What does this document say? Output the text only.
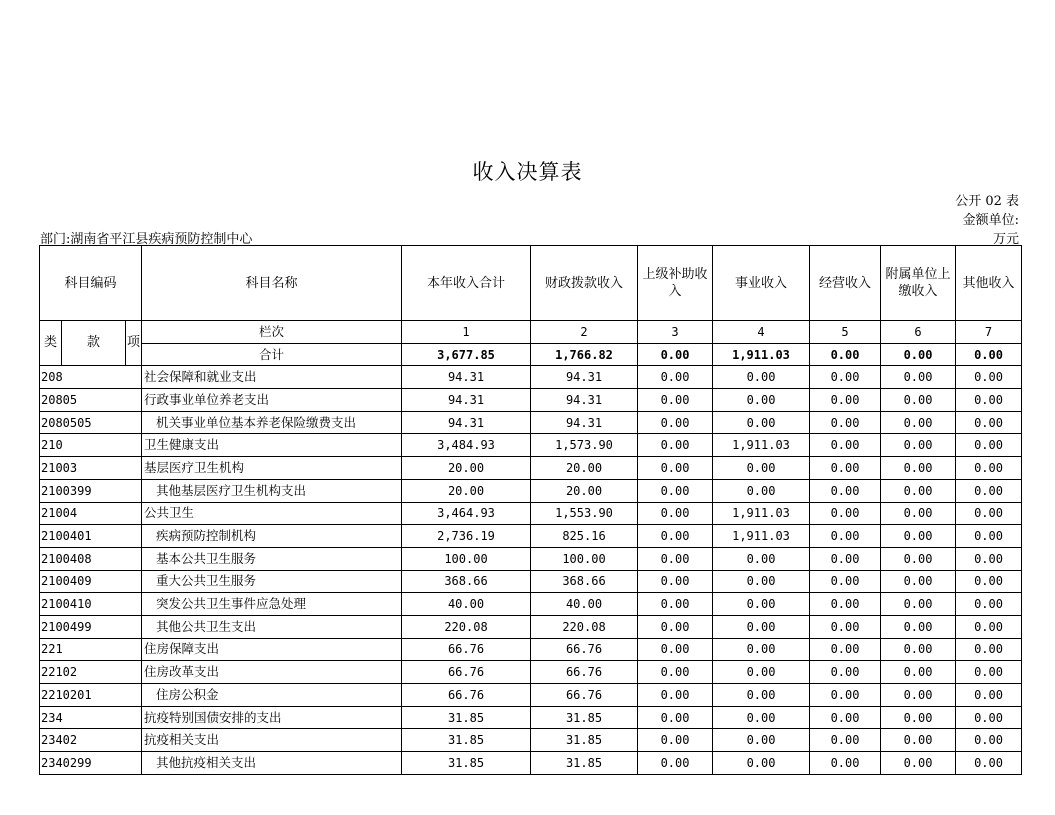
收入决算表
公开 02 表
金额单位:
万元
部门:湖南省平江县疾病预防控制中心
科目编码			科目名称	本年收入合计	财政拨款收入	上级补助收入	事业收入	经营收入	附属单位上缴收入	其他收入
类	款	项	栏次	1	2	3	4	5	6	7
			合计	3,677.85	1,766.82	0.00	1,911.03	0.00	0.00	0.00
208			社会保障和就业支出	94.31	94.31	0.00	0.00	0.00	0.00	0.00
20805			行政事业单位养老支出	94.31	94.31	0.00	0.00	0.00	0.00	0.00
2080505			机关事业单位基本养老保险缴费支出	94.31	94.31	0.00	0.00	0.00	0.00	0.00
210			卫生健康支出	3,484.93	1,573.90	0.00	1,911.03	0.00	0.00	0.00
21003			基层医疗卫生机构	20.00	20.00	0.00	0.00	0.00	0.00	0.00
2100399			其他基层医疗卫生机构支出	20.00	20.00	0.00	0.00	0.00	0.00	0.00
21004			公共卫生	3,464.93	1,553.90	0.00	1,911.03	0.00	0.00	0.00
2100401			疾病预防控制机构	2,736.19	825.16	0.00	1,911.03	0.00	0.00	0.00
2100408			基本公共卫生服务	100.00	100.00	0.00	0.00	0.00	0.00	0.00
2100409			重大公共卫生服务	368.66	368.66	0.00	0.00	0.00	0.00	0.00
2100410			突发公共卫生事件应急处理	40.00	40.00	0.00	0.00	0.00	0.00	0.00
2100499			其他公共卫生支出	220.08	220.08	0.00	0.00	0.00	0.00	0.00
221			住房保障支出	66.76	66.76	0.00	0.00	0.00	0.00	0.00
22102			住房改革支出	66.76	66.76	0.00	0.00	0.00	0.00	0.00
2210201			住房公积金	66.76	66.76	0.00	0.00	0.00	0.00	0.00
234			抗疫特别国债安排的支出	31.85	31.85	0.00	0.00	0.00	0.00	0.00
23402			抗疫相关支出	31.85	31.85	0.00	0.00	0.00	0.00	0.00
2340299			其他抗疫相关支出	31.85	31.85	0.00	0.00	0.00	0.00	0.00
